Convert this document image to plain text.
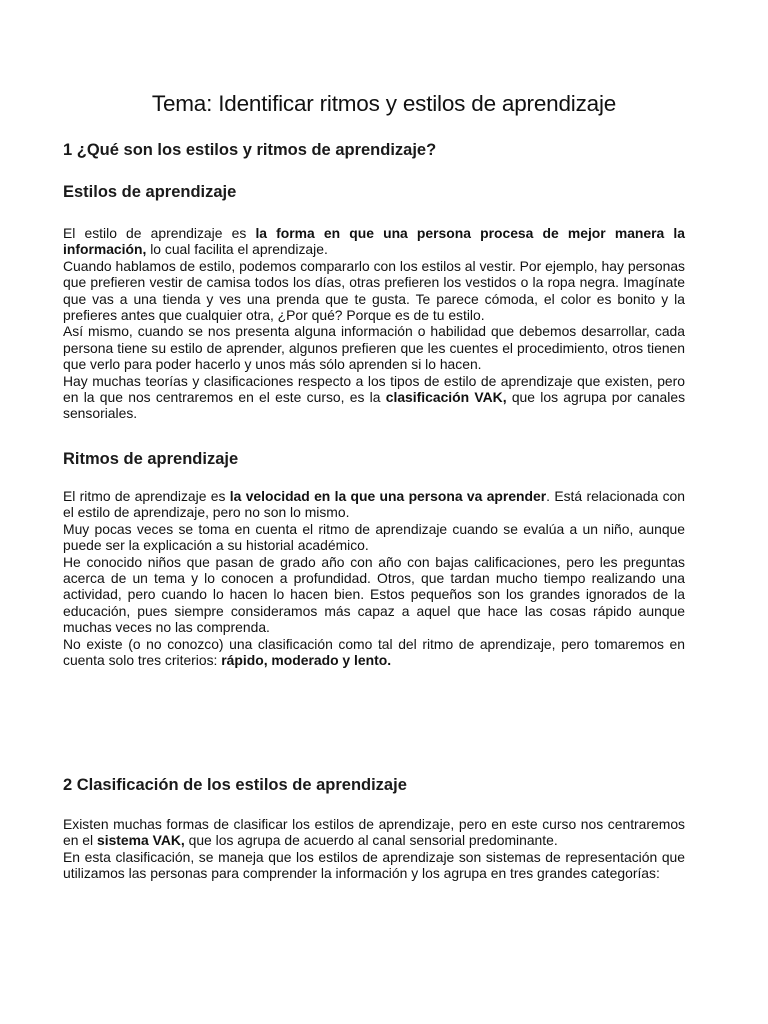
Tema: Identificar ritmos y estilos de aprendizaje
1 ¿Qué son los estilos y ritmos de aprendizaje?
Estilos de aprendizaje

El estilo de aprendizaje es la forma en que una persona procesa de mejor manera la información, lo cual facilita el aprendizaje.

Cuando hablamos de estilo, podemos compararlo con los estilos al vestir. Por ejemplo, hay personas que prefieren vestir de camisa todos los días, otras prefieren los vestidos o la ropa negra. Imagínate que vas a una tienda y ves una prenda que te gusta. Te parece cómoda, el color es bonito y la prefieres antes que cualquier otra, ¿Por qué? Porque es de tu estilo.

Así mismo, cuando se nos presenta alguna información o habilidad que debemos desarrollar, cada persona tiene su estilo de aprender, algunos prefieren que les cuentes el procedimiento, otros tienen que verlo para poder hacerlo y unos más sólo aprenden si lo hacen.

Hay muchas teorías y clasificaciones respecto a los tipos de estilo de aprendizaje que existen, pero en la que nos centraremos en el este curso, es la clasificación VAK, que los agrupa por canales sensoriales.

Ritmos de aprendizaje

El ritmo de aprendizaje es la velocidad en la que una persona va aprender. Está relacionada con el estilo de aprendizaje, pero no son lo mismo.

Muy pocas veces se toma en cuenta el ritmo de aprendizaje cuando se evalúa a un niño, aunque puede ser la explicación a su historial académico.

He conocido niños que pasan de grado año con año con bajas calificaciones, pero les preguntas acerca de un tema y lo conocen a profundidad. Otros, que tardan mucho tiempo realizando una actividad, pero cuando lo hacen lo hacen bien. Estos pequeños son los grandes ignorados de la educación, pues siempre consideramos más capaz a aquel que hace las cosas rápido aunque muchas veces no las comprenda.

No existe (o no conozco) una clasificación como tal del ritmo de aprendizaje, pero tomaremos en cuenta solo tres criterios: rápido, moderado y lento.

2 Clasificación de los estilos de aprendizaje

Existen muchas formas de clasificar los estilos de aprendizaje, pero en este curso nos centraremos en el sistema VAK, que los agrupa de acuerdo al canal sensorial predominante.

En esta clasificación, se maneja que los estilos de aprendizaje son sistemas de representación que utilizamos las personas para comprender la información y los agrupa en tres grandes categorías:
